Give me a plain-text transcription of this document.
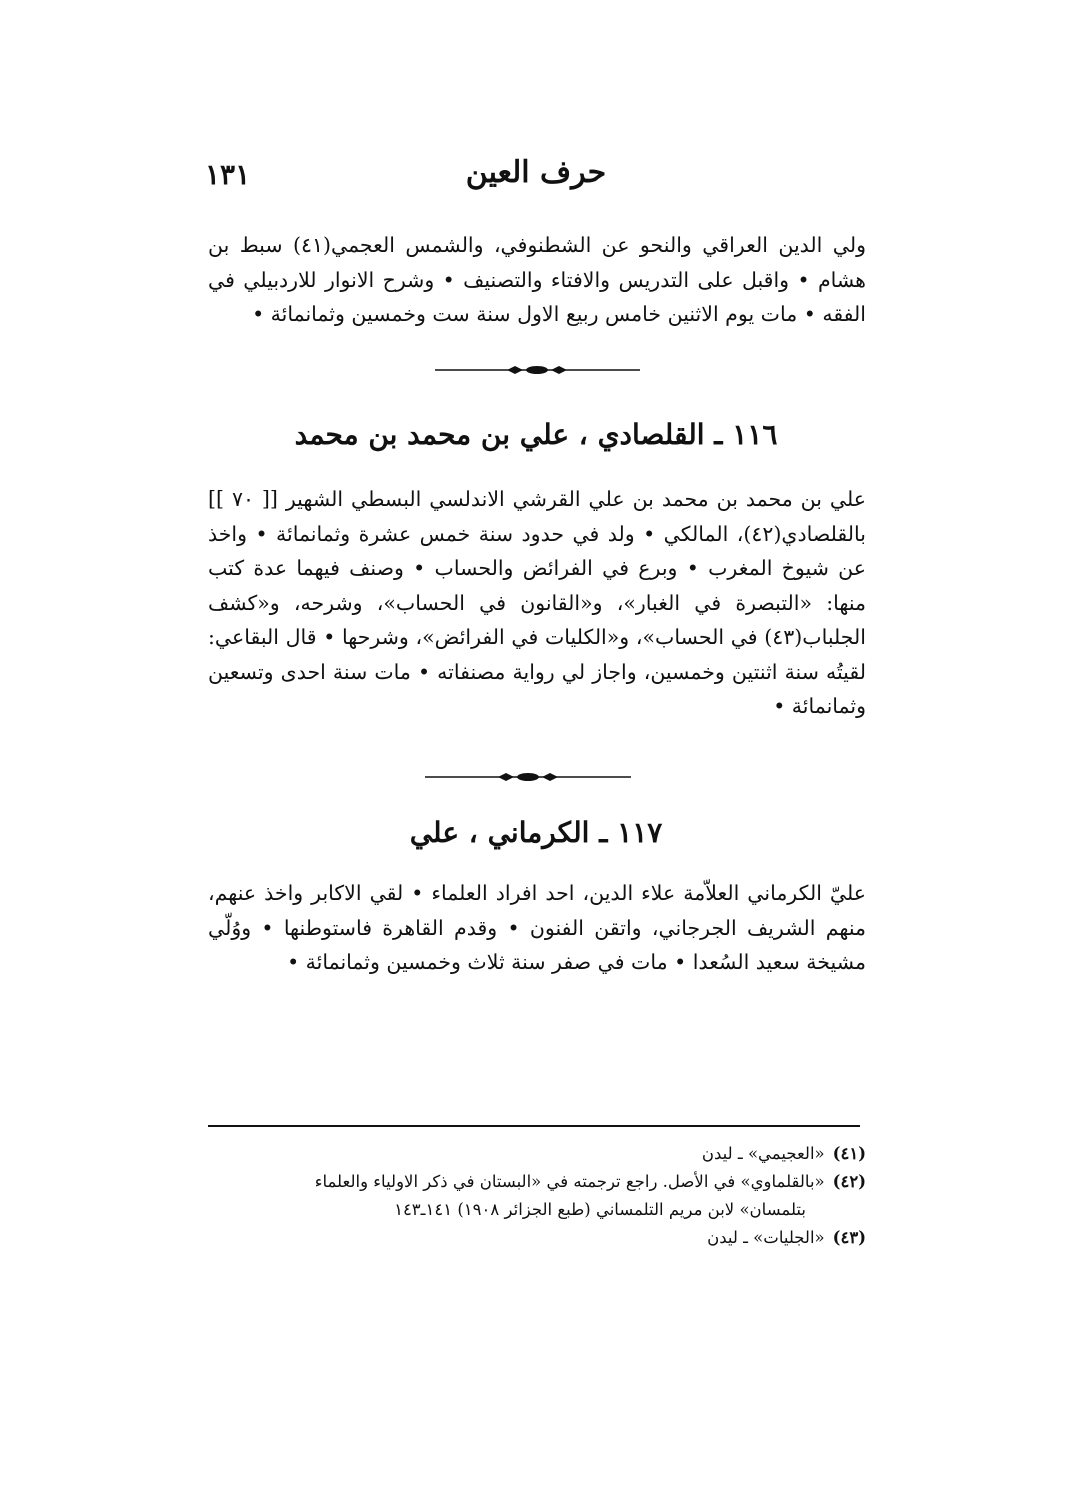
حرف العين
١٣١

ولي الدين العراقي والنحو عن الشطنوفي، والشمس العجمي(٤١) سبط بن هشام • واقبل على التدريس والافتاء والتصنيف • وشرح الانوار للاردبيلي في الفقه • مات يوم الاثنين خامس ربيع الاول سنة ست وخمسين وثمانمائة •

١١٦ ـ القلصادي ، علي بن محمد بن محمد

علي بن محمد بن محمد بن علي القرشي الاندلسي البسطي الشهير [[ ٧٠ ]] بالقلصادي(٤٢)، المالكي • ولد في حدود سنة خمس عشرة وثمانمائة • واخذ عن شيوخ المغرب • وبرع في الفرائض والحساب • وصنف فيهما عدة كتب منها: «التبصرة في الغبار»، و«القانون في الحساب»، وشرحه، و«كشف الجلباب(٤٣) في الحساب»، و«الكليات في الفرائض»، وشرحها • قال البقاعي: لقيتُه سنة اثنتين وخمسين، واجاز لي رواية مصنفاته • مات سنة احدى وتسعين وثمانمائة •

١١٧ ـ الكرماني ، علي

عليّ الكرماني العلاّمة علاء الدين، احد افراد العلماء • لقي الاكابر واخذ عنهم، منهم الشريف الجرجاني، واتقن الفنون • وقدم القاهرة فاستوطنها • ووُلّي مشيخة سعيد السُعدا • مات في صفر سنة ثلاث وخمسين وثمانمائة •

(٤١)«العجيمي» ـ ليدن

(٤٢)«بالقلماوي» في الأصل. راجع ترجمته في «البستان في ذكر الاولياء والعلماء

بتلمسان» لابن مريم التلمساني (طبع الجزائر ١٩٠٨) ١٤١ـ١٤٣

(٤٣)«الجليات» ـ ليدن
